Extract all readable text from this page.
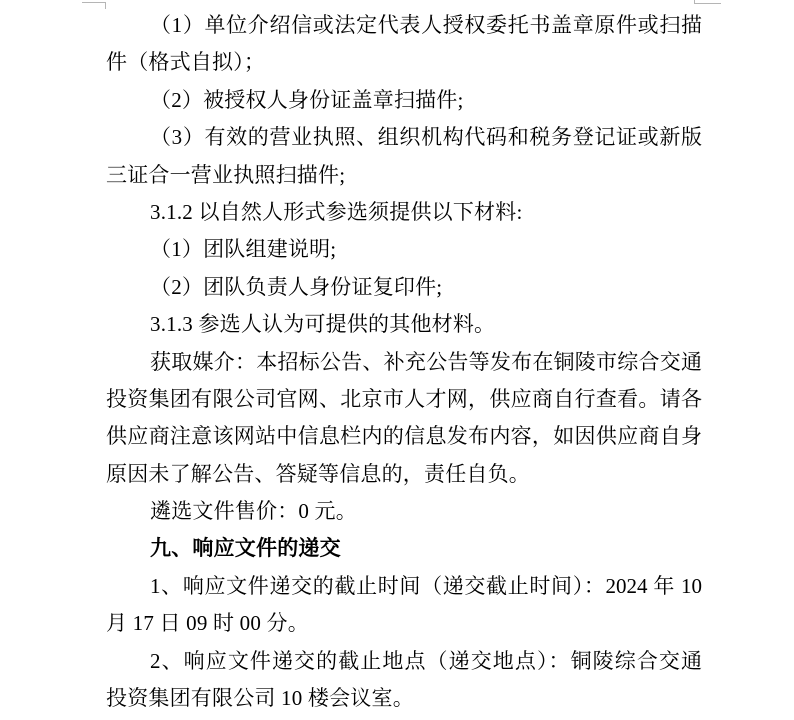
（1）单位介绍信或法定代表人授权委托书盖章原件或扫描
件（格式自拟）；
（2）被授权人身份证盖章扫描件;
（3）有效的营业执照、组织机构代码和税务登记证或新版
三证合一营业执照扫描件;
3.1.2 以自然人形式参选须提供以下材料:
（1）团队组建说明;
（2）团队负责人身份证复印件;
3.1.3 参选人认为可提供的其他材料。
获取媒介：本招标公告、补充公告等发布在铜陵市综合交通
投资集团有限公司官网、北京市人才网，供应商自行查看。请各
供应商注意该网站中信息栏内的信息发布内容，如因供应商自身
原因未了解公告、答疑等信息的，责任自负。
遴选文件售价：0 元。
九、响应文件的递交
1、响应文件递交的截止时间（递交截止时间）：2024 年 10
月 17 日 09 时 00 分。
2、响应文件递交的截止地点（递交地点）：铜陵综合交通
投资集团有限公司 10 楼会议室。
